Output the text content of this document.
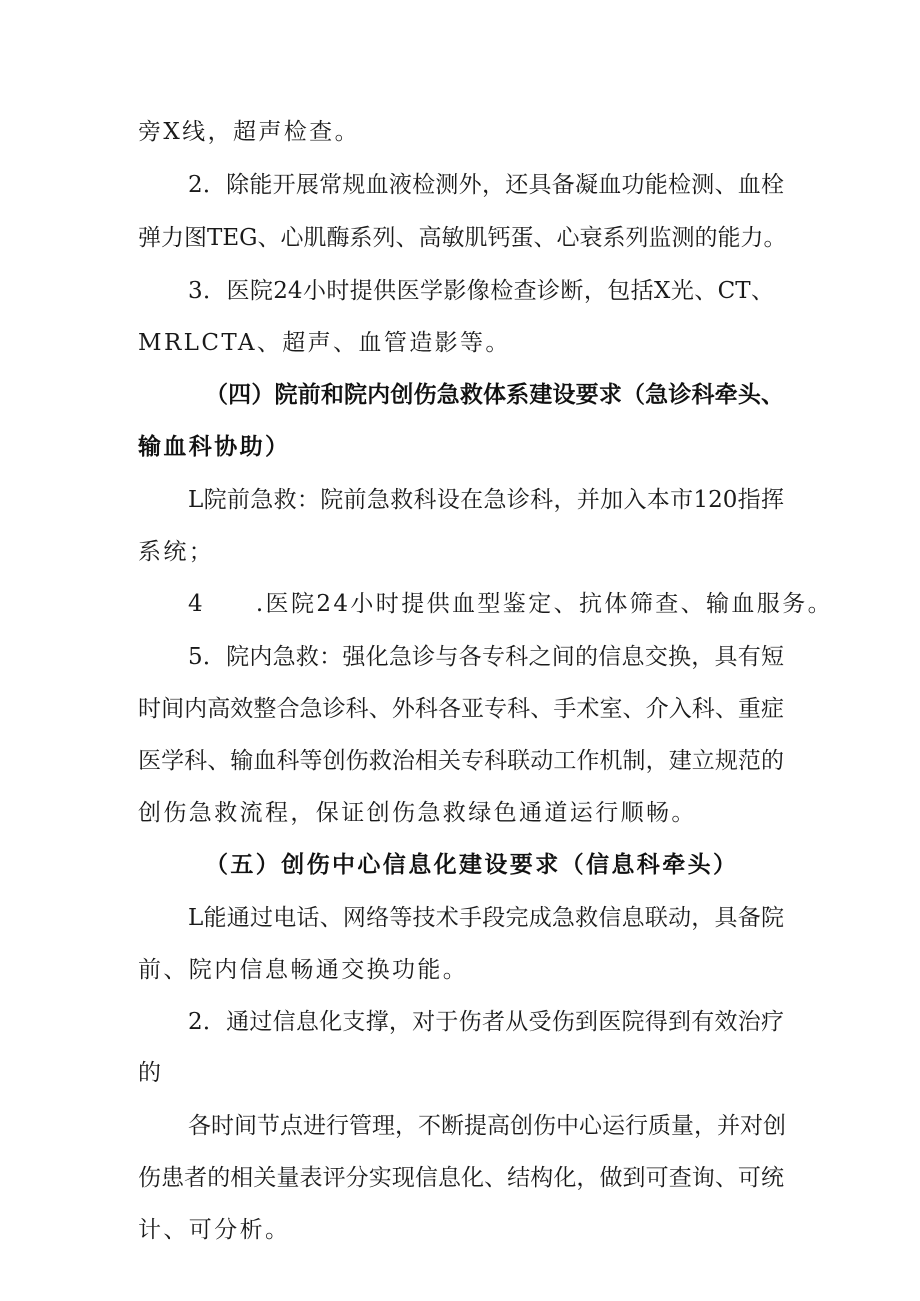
旁X线，超声检查。
2．除能开展常规血液检测外，还具备凝血功能检测、血栓
弹力图TEG、心肌酶系列、高敏肌钙蛋、心衰系列监测的能力。
3．医院24小时提供医学影像检查诊断，包括X光、CT、
MRLCTA、超声、血管造影等。
（四）院前和院内创伤急救体系建设要求（急诊科牵头、
输血科协助）
L院前急救：院前急救科设在急诊科，并加入本市120指挥
系统；
4　　.医院24小时提供血型鉴定、抗体筛查、输血服务。
5．院内急救：强化急诊与各专科之间的信息交换，具有短
时间内高效整合急诊科、外科各亚专科、手术室、介入科、重症
医学科、输血科等创伤救治相关专科联动工作机制，建立规范的
创伤急救流程，保证创伤急救绿色通道运行顺畅。
（五）创伤中心信息化建设要求（信息科牵头）
L能通过电话、网络等技术手段完成急救信息联动，具备院
前、院内信息畅通交换功能。
2．通过信息化支撑，对于伤者从受伤到医院得到有效治疗
的
各时间节点进行管理，不断提高创伤中心运行质量，并对创
伤患者的相关量表评分实现信息化、结构化，做到可查询、可统
计、可分析。
